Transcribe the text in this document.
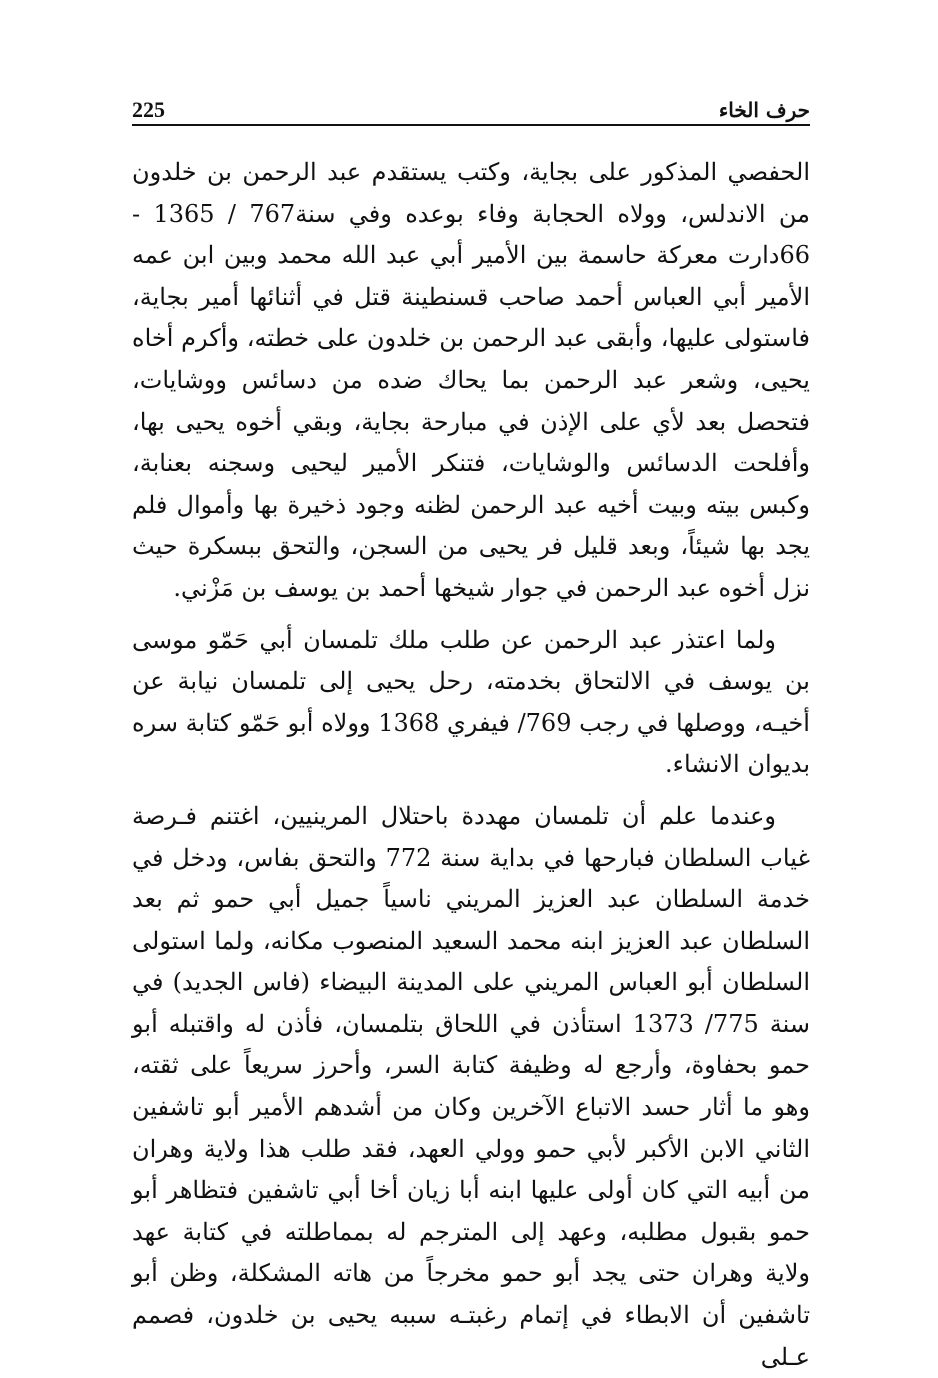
حرف الخاء
225

الحفصي المذكور على بجاية، وكتب يستقدم عبد الرحمن بن خلدون من الاندلس، وولاه الحجابة وفاء بوعده وفي سنة767 / 1365 - 66دارت معركة حاسمة بين الأمير أبي عبد الله محمد وبين ابن عمه الأمير أبي العباس أحمد صاحب قسنطينة قتل في أثنائها أمير بجاية، فاستولى عليها، وأبقى عبد الرحمن بن خلدون على خطته، وأكرم أخاه يحيى، وشعر عبد الرحمن بما يحاك ضده من دسائس ووشايات، فتحصل بعد لأي على الإذن في مبارحة بجاية، وبقي أخوه يحيى بها، وأفلحت الدسائس والوشايات، فتنكر الأمير ليحيى وسجنه بعنابة، وكبس بيته وبيت أخيه عبد الرحمن لظنه وجود ذخيرة بها وأموال فلم يجد بها شيئاً، وبعد قليل فر يحيى من السجن، والتحق ببسكرة حيث نزل أخوه عبد الرحمن في جوار شيخها أحمد بن يوسف بن مَزْني.

ولما اعتذر عبد الرحمن عن طلب ملك تلمسان أبي حَمّو موسى بن يوسف في الالتحاق بخدمته، رحل يحيى إلى تلمسان نيابة عن أخيـه، ووصلها في رجب 769/ فيفري 1368 وولاه أبو حَمّو كتابة سره بديوان الانشاء.

وعندما علم أن تلمسان مهددة باحتلال المرينيين، اغتنم فـرصة غياب السلطان فبارحها في بداية سنة 772 والتحق بفاس، ودخل في خدمة السلطان عبد العزيز المريني ناسياً جميل أبي حمو ثم بعد السلطان عبد العزيز ابنه محمد السعيد المنصوب مكانه، ولما استولى السلطان أبو العباس المريني على المدينة البيضاء (فاس الجديد) في سنة 775/ 1373 استأذن في اللحاق بتلمسان، فأذن له واقتبله أبو حمو بحفاوة، وأرجع له وظيفة كتابة السر، وأحرز سريعاً على ثقته، وهو ما أثار حسد الاتباع الآخرين وكان من أشدهم الأمير أبو تاشفين الثاني الابن الأكبر لأبي حمو وولي العهد، فقد طلب هذا ولاية وهران من أبيه التي كان أولى عليها ابنه أبا زيان أخا أبي تاشفين فتظاهر أبو حمو بقبول مطلبه، وعهد إلى المترجم له بمماطلته في كتابة عهد ولاية وهران حتى يجد أبو حمو مخرجاً من هاته المشكلة، وظن أبو تاشفين أن الابطاء في إتمام رغبتـه سببه يحيى بن خلدون، فصمم عـلى
